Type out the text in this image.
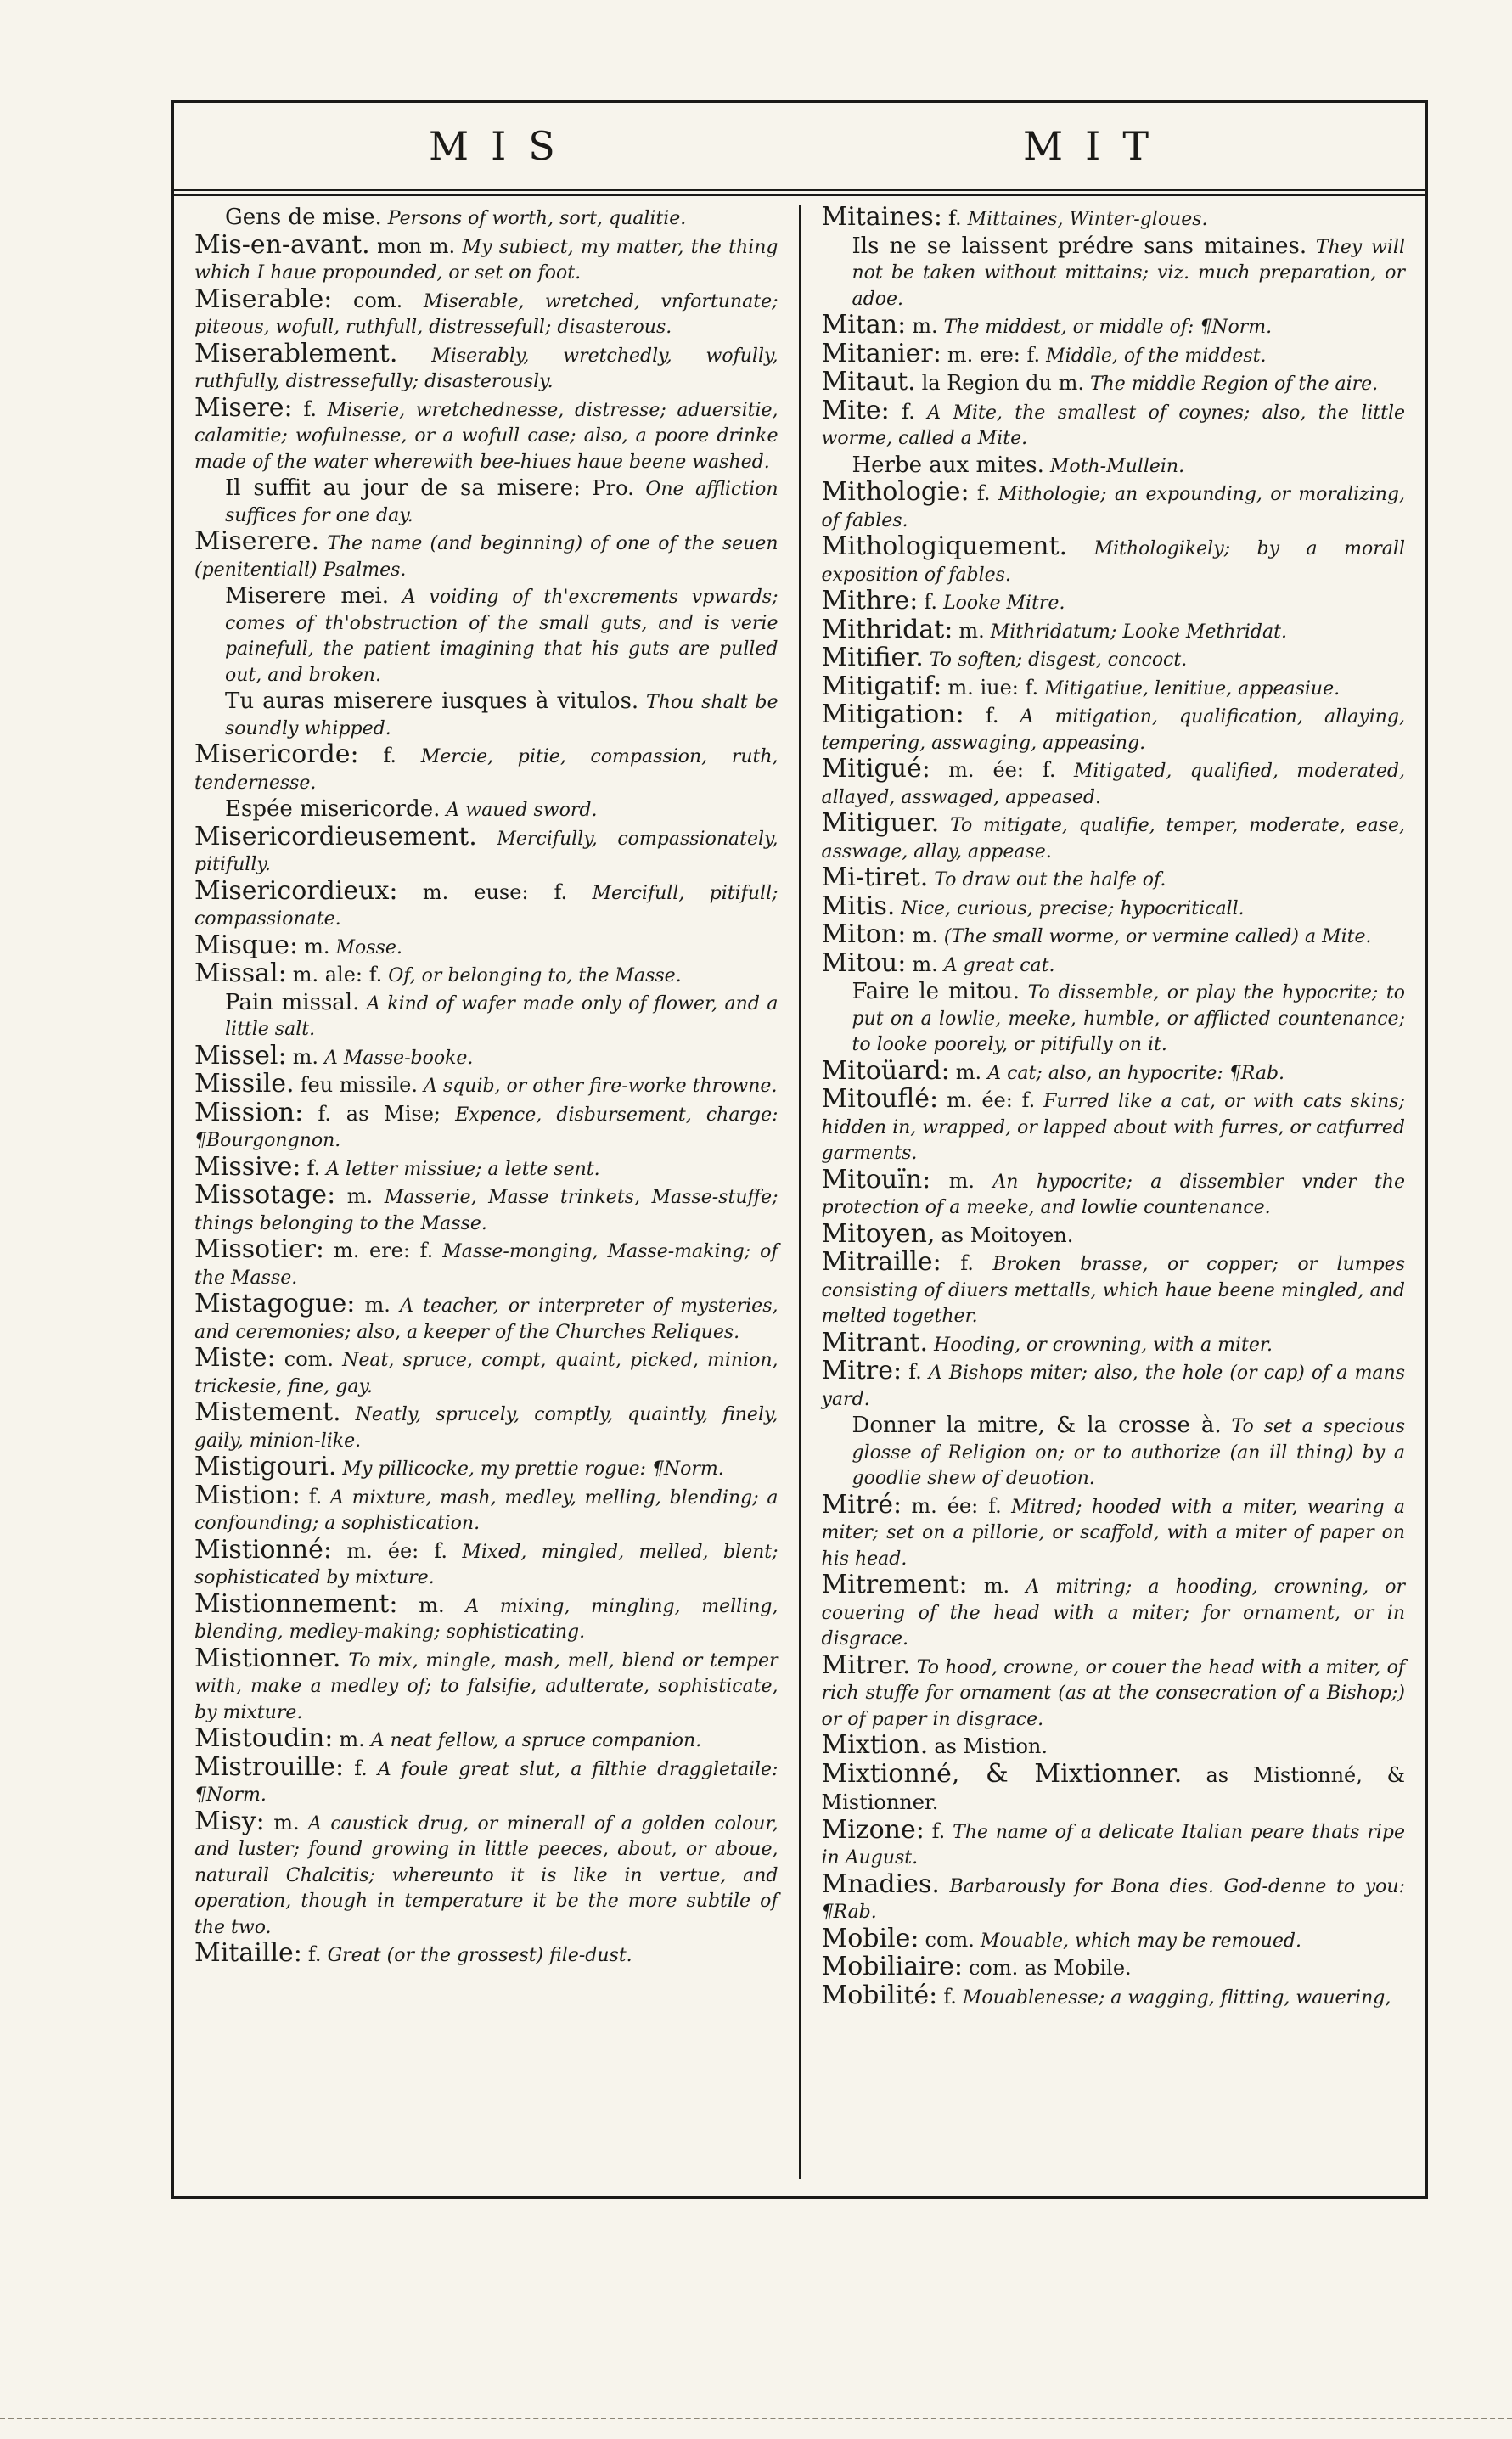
MIS	MIT

Gens de mise. Persons of worth, sort, qualitie.

Mis-en-avant. mon m. My subiect, my matter, the thing which I haue propounded, or set on foot.

Miserable: com. Miserable, wretched, vnfortunate; piteous, wofull, ruthfull, distressefull; disasterous.

Miserablement. Miserably, wretchedly, wofully, ruthfully, distressefully; disasterously.

Misere: f. Miserie, wretchednesse, distresse; aduersitie, calamitie; wofulnesse, or a wofull case; also, a poore drinke made of the water wherewith bee-hiues haue beene washed.

Il suffit au jour de sa misere: Pro. One affliction suffices for one day.

Miserere. The name (and beginning) of one of the seuen (penitentiall) Psalmes.

Miserere mei. A voiding of th'excrements vpwards; comes of th'obstruction of the small guts, and is verie painefull, the patient imagining that his guts are pulled out, and broken.

Tu auras miserere iusques à vitulos. Thou shalt be soundly whipped.

Misericorde: f. Mercie, pitie, compassion, ruth, tendernesse.

Espée misericorde. A waued sword.

Misericordieusement. Mercifully, compassionately, pitifully.

Misericordieux: m. euse: f. Mercifull, pitifull; compassionate.

Misque: m. Mosse.

Missal: m. ale: f. Of, or belonging to, the Masse.

Pain missal. A kind of wafer made only of flower, and a little salt.

Missel: m. A Masse-booke.

Missile. feu missile. A squib, or other fire-worke throwne.

Mission: f. as Mise; Expence, disbursement, charge: ¶Bourgongnon.

Missive: f. A letter missiue; a lette sent.

Missotage: m. Masserie, Masse trinkets, Masse-stuffe; things belonging to the Masse.

Missotier: m. ere: f. Masse-monging, Masse-making; of the Masse.

Mistagogue: m. A teacher, or interpreter of mysteries, and ceremonies; also, a keeper of the Churches Reliques.

Miste: com. Neat, spruce, compt, quaint, picked, minion, trickesie, fine, gay.

Mistement. Neatly, sprucely, comptly, quaintly, finely, gaily, minion-like.

Mistigouri. My pillicocke, my prettie rogue: ¶Norm.

Mistion: f. A mixture, mash, medley, melling, blending; a confounding; a sophistication.

Mistionné: m. ée: f. Mixed, mingled, melled, blent; sophisticated by mixture.

Mistionnement: m. A mixing, mingling, melling, blending, medley-making; sophisticating.

Mistionner. To mix, mingle, mash, mell, blend or temper with, make a medley of; to falsifie, adulterate, sophisticate, by mixture.

Mistoudin: m. A neat fellow, a spruce companion.

Mistrouille: f. A foule great slut, a filthie draggletaile: ¶Norm.

Misy: m. A caustick drug, or minerall of a golden colour, and luster; found growing in little peeces, about, or aboue, naturall Chalcitis; whereunto it is like in vertue, and operation, though in temperature it be the more subtile of the two.

Mitaille: f. Great (or the grossest) file-dust.

Mitaines: f. Mittaines, Winter-gloues.

Ils ne se laissent prédre sans mitaines. They will not be taken without mittains; viz. much preparation, or adoe.

Mitan: m. The middest, or middle of: ¶Norm.

Mitanier: m. ere: f. Middle, of the middest.

Mitaut. la Region du m. The middle Region of the aire.

Mite: f. A Mite, the smallest of coynes; also, the little worme, called a Mite.

Herbe aux mites. Moth-Mullein.

Mithologie: f. Mithologie; an expounding, or moralizing, of fables.

Mithologiquement. Mithologikely; by a morall exposition of fables.

Mithre: f. Looke Mitre.

Mithridat: m. Mithridatum; Looke Methridat.

Mitifier. To soften; disgest, concoct.

Mitigatif: m. iue: f. Mitigatiue, lenitiue, appeasiue.

Mitigation: f. A mitigation, qualification, allaying, tempering, asswaging, appeasing.

Mitigué: m. ée: f. Mitigated, qualified, moderated, allayed, asswaged, appeased.

Mitiguer. To mitigate, qualifie, temper, moderate, ease, asswage, allay, appease.

Mi-tiret. To draw out the halfe of.

Mitis. Nice, curious, precise; hypocriticall.

Miton: m. (The small worme, or vermine called) a Mite.

Mitou: m. A great cat.

Faire le mitou. To dissemble, or play the hypocrite; to put on a lowlie, meeke, humble, or afflicted countenance; to looke poorely, or pitifully on it.

Mitoüard: m. A cat; also, an hypocrite: ¶Rab.

Mitouflé: m. ée: f. Furred like a cat, or with cats skins; hidden in, wrapped, or lapped about with furres, or catfurred garments.

Mitouïn: m. An hypocrite; a dissembler vnder the protection of a meeke, and lowlie countenance.

Mitoyen, as Moitoyen.

Mitraille: f. Broken brasse, or copper; or lumpes consisting of diuers mettalls, which haue beene mingled, and melted together.

Mitrant. Hooding, or crowning, with a miter.

Mitre: f. A Bishops miter; also, the hole (or cap) of a mans yard.

Donner la mitre, & la crosse à. To set a specious glosse of Religion on; or to authorize (an ill thing) by a goodlie shew of deuotion.

Mitré: m. ée: f. Mitred; hooded with a miter, wearing a miter; set on a pillorie, or scaffold, with a miter of paper on his head.

Mitrement: m. A mitring; a hooding, crowning, or couering of the head with a miter; for ornament, or in disgrace.

Mitrer. To hood, crowne, or couer the head with a miter, of rich stuffe for ornament (as at the consecration of a Bishop;) or of paper in disgrace.

Mixtion. as Mistion.

Mixtionné, & Mixtionner. as Mistionné, & Mistionner.

Mizone: f. The name of a delicate Italian peare thats ripe in August.

Mnadies. Barbarously for Bona dies. God-denne to you: ¶Rab.

Mobile: com. Mouable, which may be remoued.

Mobiliaire: com. as Mobile.

Mobilité: f. Mouablenesse; a wagging, flitting, wauering,
